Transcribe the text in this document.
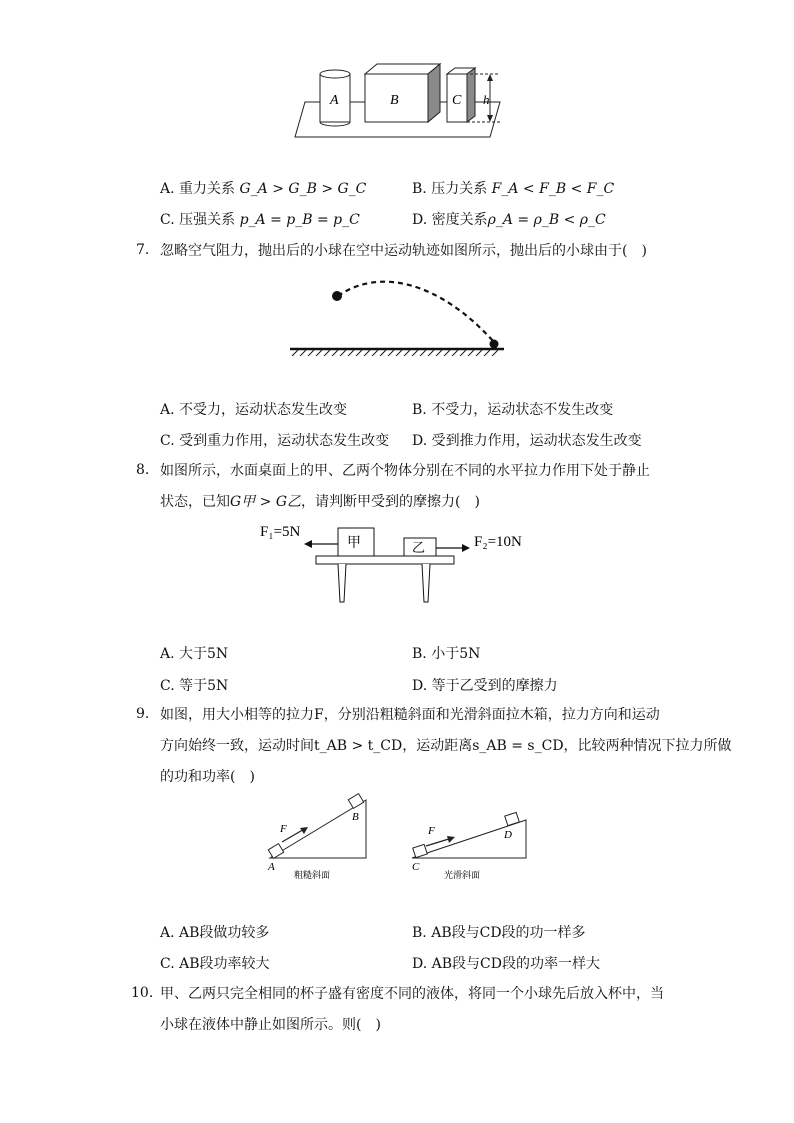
A	B	C h
A. 重力关系 G_A > G_B > G_C	B. 压力关系 F_A < F_B < F_C
C. 压强关系 p_A = p_B = p_C	D. 密度关系ρ_A = ρ_B < ρ_C
7. 忽略空气阻力，抛出后的小球在空中运动轨迹如图所示，抛出后的小球由于(　)
A. 不受力，运动状态发生改变	B. 不受力，运动状态不发生改变
C. 受到重力作用，运动状态发生改变 D. 受到推力作用，运动状态发生改变
8. 如图所示，水面桌面上的甲、乙两个物体分别在不同的水平拉力作用下处于静止
状态，已知G甲 > G乙，请判断甲受到的摩擦力(　)
F₁=5N
甲	乙	F₂=10N
A. 大于5N	B. 小于5N
C. 等于5N	D. 等于乙受到的摩擦力
9. 如图，用大小相等的拉力F，分别沿粗糙斜面和光滑斜面拉木箱，拉力方向和运动
方向始终一致，运动时间t_AB > t_CD，运动距离s_AB = s_CD，比较两种情况下拉力所做
的功和功率(　)
F
A
B
粗糙斜面
F
C
D
光滑斜面
A. AB段做功较多	B. AB段与CD段的功一样多
C. AB段功率较大	D. AB段与CD段的功率一样大
10. 甲、乙两只完全相同的杯子盛有密度不同的液体，将同一个小球先后放入杯中，当
小球在液体中静止如图所示。则(　)
